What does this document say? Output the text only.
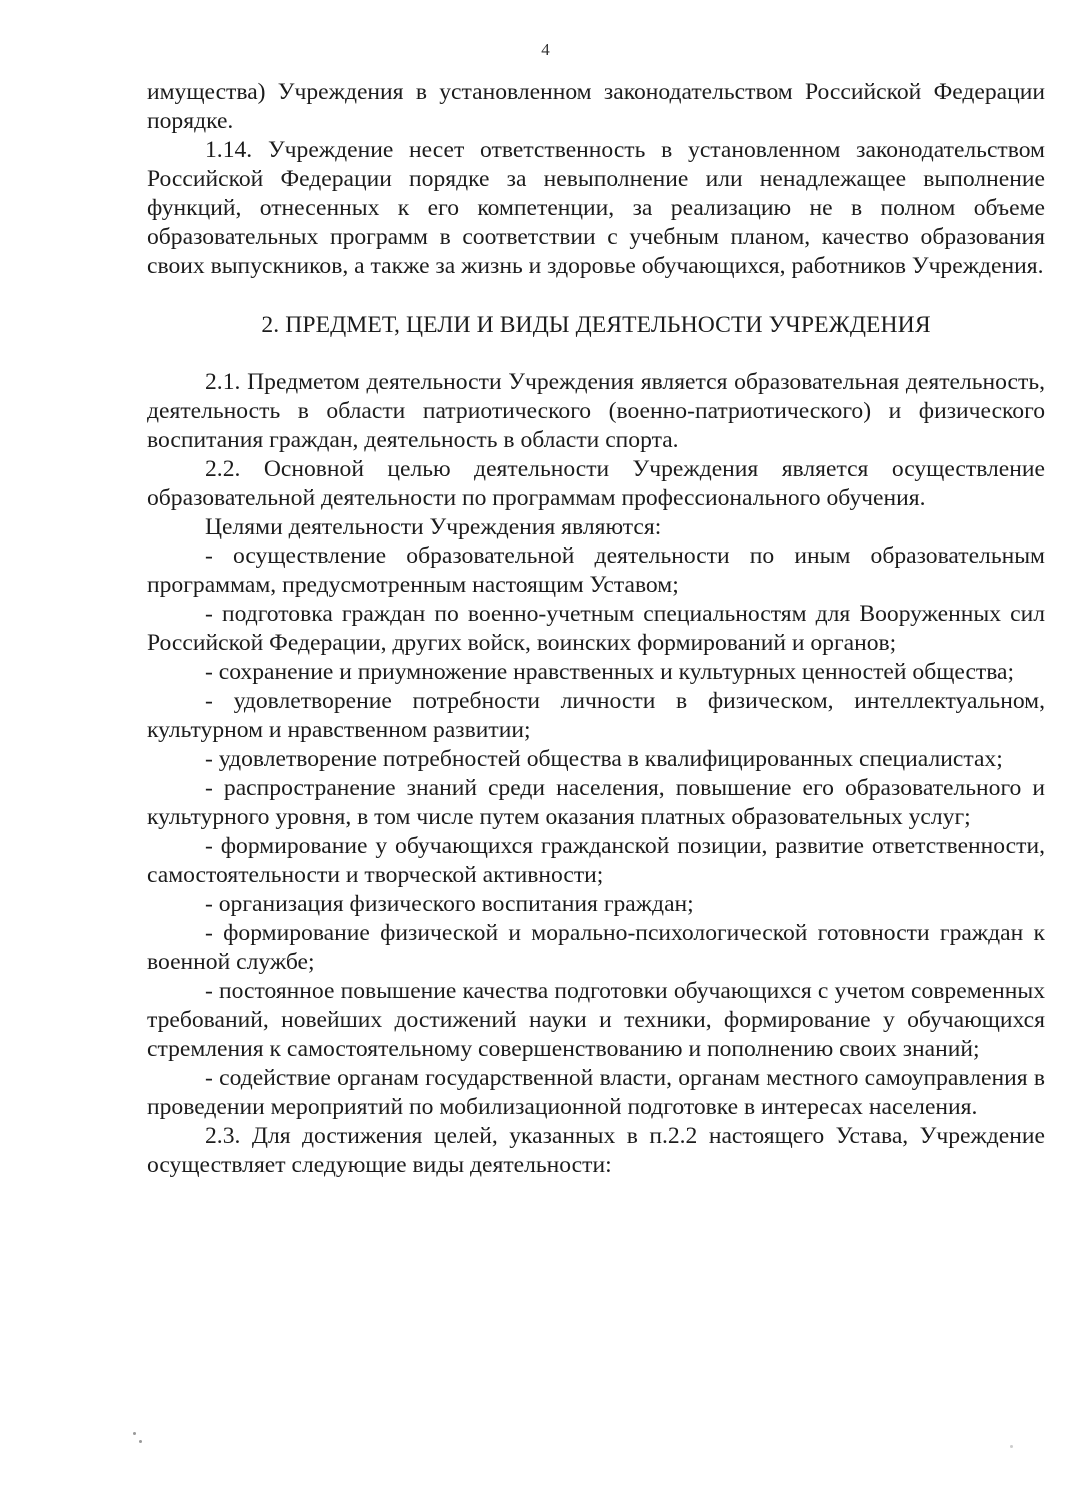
4

имущества) Учреждения в установленном законодательством Российской Федерации порядке.

1.14. Учреждение несет ответственность в установленном законодательством Российской Федерации порядке за невыполнение или ненадлежащее выполнение функций, отнесенных к его компетенции, за реализацию не в полном объеме образовательных программ в соответствии с учебным планом, качество образования своих выпускников, а также за жизнь и здоровье обучающихся, работников Учреждения.

2. ПРЕДМЕТ, ЦЕЛИ И ВИДЫ ДЕЯТЕЛЬНОСТИ УЧРЕЖДЕНИЯ

2.1. Предметом деятельности Учреждения является образовательная деятельность, деятельность в области патриотического (военно-патриотического) и физического воспитания граждан, деятельность в области спорта.

2.2. Основной целью деятельности Учреждения является осуществление образовательной деятельности по программам профессионального обучения.

Целями деятельности Учреждения являются:

- осуществление образовательной деятельности по иным образовательным программам, предусмотренным настоящим Уставом;

- подготовка граждан по военно-учетным специальностям для Вооруженных сил Российской Федерации, других войск, воинских формирований и органов;

- сохранение и приумножение нравственных и культурных ценностей общества;

- удовлетворение потребности личности в физическом, интеллектуальном, культурном и нравственном развитии;

- удовлетворение потребностей общества в квалифицированных специалистах;

- распространение знаний среди населения, повышение его образовательного и культурного уровня, в том числе путем оказания платных образовательных услуг;

- формирование у обучающихся гражданской позиции, развитие ответственности, самостоятельности и творческой активности;

- организация физического воспитания граждан;

- формирование физической и морально-психологической готовности граждан к военной службе;

- постоянное повышение качества подготовки обучающихся с учетом современных требований, новейших достижений науки и техники, формирование у обучающихся стремления к самостоятельному совершенствованию и пополнению своих знаний;

- содействие органам государственной власти, органам местного самоуправления в проведении мероприятий по мобилизационной подготовке в интересах населения.

2.3. Для достижения целей, указанных в п.2.2 настоящего Устава, Учреждение осуществляет следующие виды деятельности:
